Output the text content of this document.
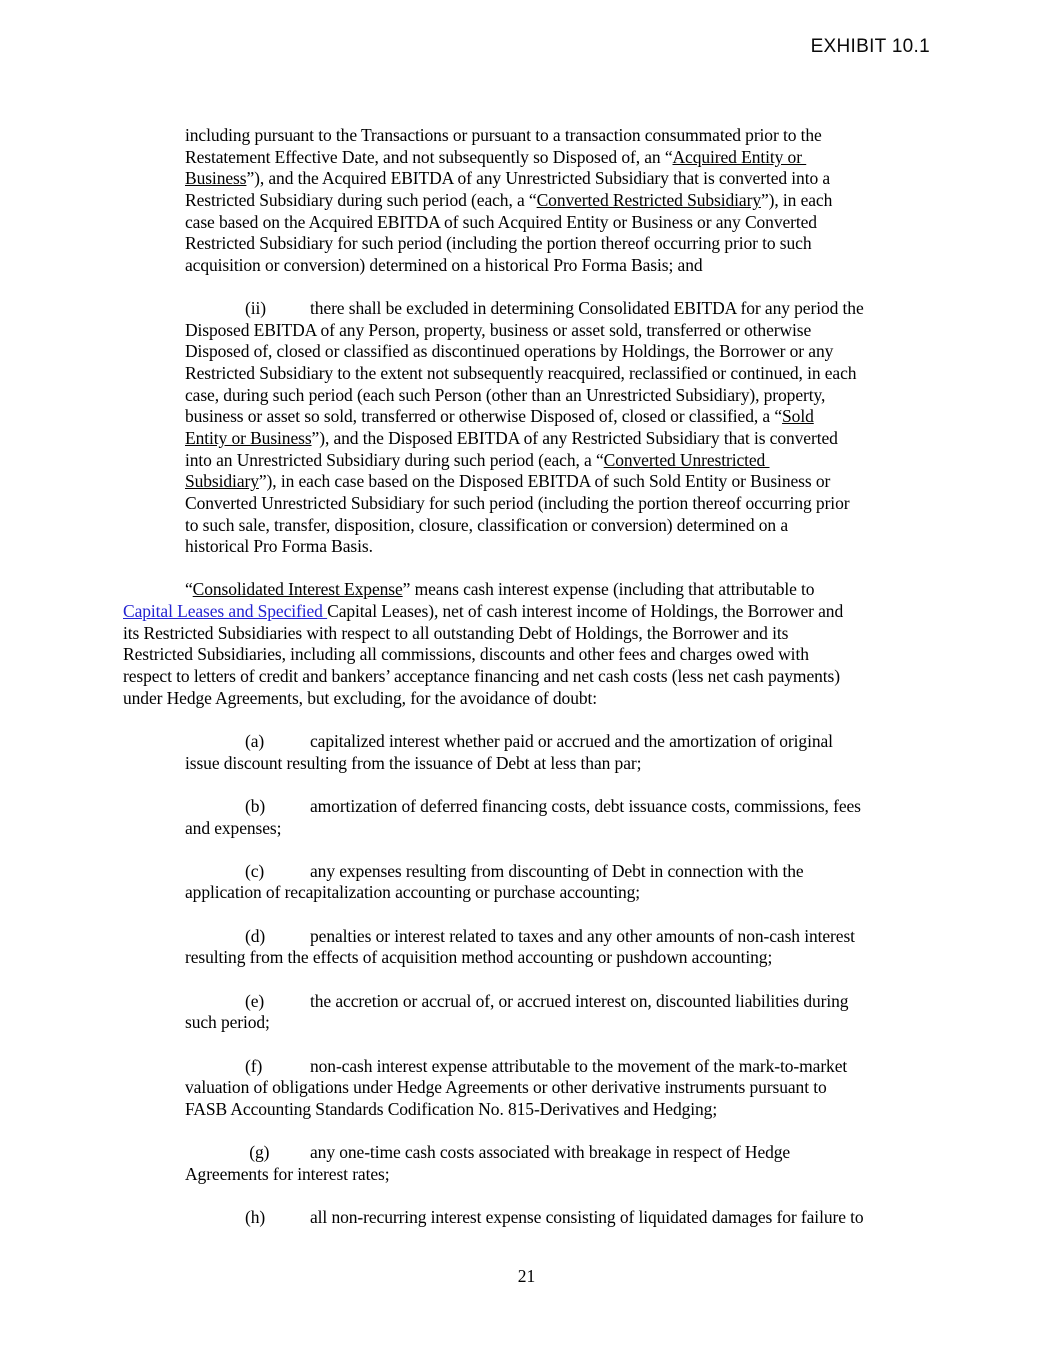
EXHIBIT 10.1
including pursuant to the Transactions or pursuant to a transaction consummated prior to the
Restatement Effective Date, and not subsequently so Disposed of, an “Acquired Entity or
Business”), and the Acquired EBITDA of any Unrestricted Subsidiary that is converted into a
Restricted Subsidiary during such period (each, a “Converted Restricted Subsidiary”), in each
case based on the Acquired EBITDA of such Acquired Entity or Business or any Converted
Restricted Subsidiary for such period (including the portion thereof occurring prior to such
acquisition or conversion) determined on a historical Pro Forma Basis; and
(ii)	there shall be excluded in determining Consolidated EBITDA for any period the
Disposed EBITDA of any Person, property, business or asset sold, transferred or otherwise
Disposed of, closed or classified as discontinued operations by Holdings, the Borrower or any
Restricted Subsidiary to the extent not subsequently reacquired, reclassified or continued, in each
case, during such period (each such Person (other than an Unrestricted Subsidiary), property,
business or asset so sold, transferred or otherwise Disposed of, closed or classified, a “Sold
Entity or Business”), and the Disposed EBITDA of any Restricted Subsidiary that is converted
into an Unrestricted Subsidiary during such period (each, a “Converted Unrestricted
Subsidiary”), in each case based on the Disposed EBITDA of such Sold Entity or Business or
Converted Unrestricted Subsidiary for such period (including the portion thereof occurring prior
to such sale, transfer, disposition, closure, classification or conversion) determined on a
historical Pro Forma Basis.
“Consolidated Interest Expense” means cash interest expense (including that attributable to
Capital Leases and Specified Capital Leases), net of cash interest income of Holdings, the Borrower and
its Restricted Subsidiaries with respect to all outstanding Debt of Holdings, the Borrower and its
Restricted Subsidiaries, including all commissions, discounts and other fees and charges owed with
respect to letters of credit and bankers’ acceptance financing and net cash costs (less net cash payments)
under Hedge Agreements, but excluding, for the avoidance of doubt:
(a)	capitalized interest whether paid or accrued and the amortization of original
issue discount resulting from the issuance of Debt at less than par;
(b)	amortization of deferred financing costs, debt issuance costs, commissions, fees
and expenses;
(c)	any expenses resulting from discounting of Debt in connection with the
application of recapitalization accounting or purchase accounting;
(d)	penalties or interest related to taxes and any other amounts of non-cash interest
resulting from the effects of acquisition method accounting or pushdown accounting;
(e)	the accretion or accrual of, or accrued interest on, discounted liabilities during
such period;
(f)	non-cash interest expense attributable to the movement of the mark-to-market
valuation of obligations under Hedge Agreements or other derivative instruments pursuant to
FASB Accounting Standards Codification No. 815-Derivatives and Hedging;
(g) any one-time cash costs associated with breakage in respect of Hedge
Agreements for interest rates;
(h)	all non-recurring interest expense consisting of liquidated damages for failure to
21
